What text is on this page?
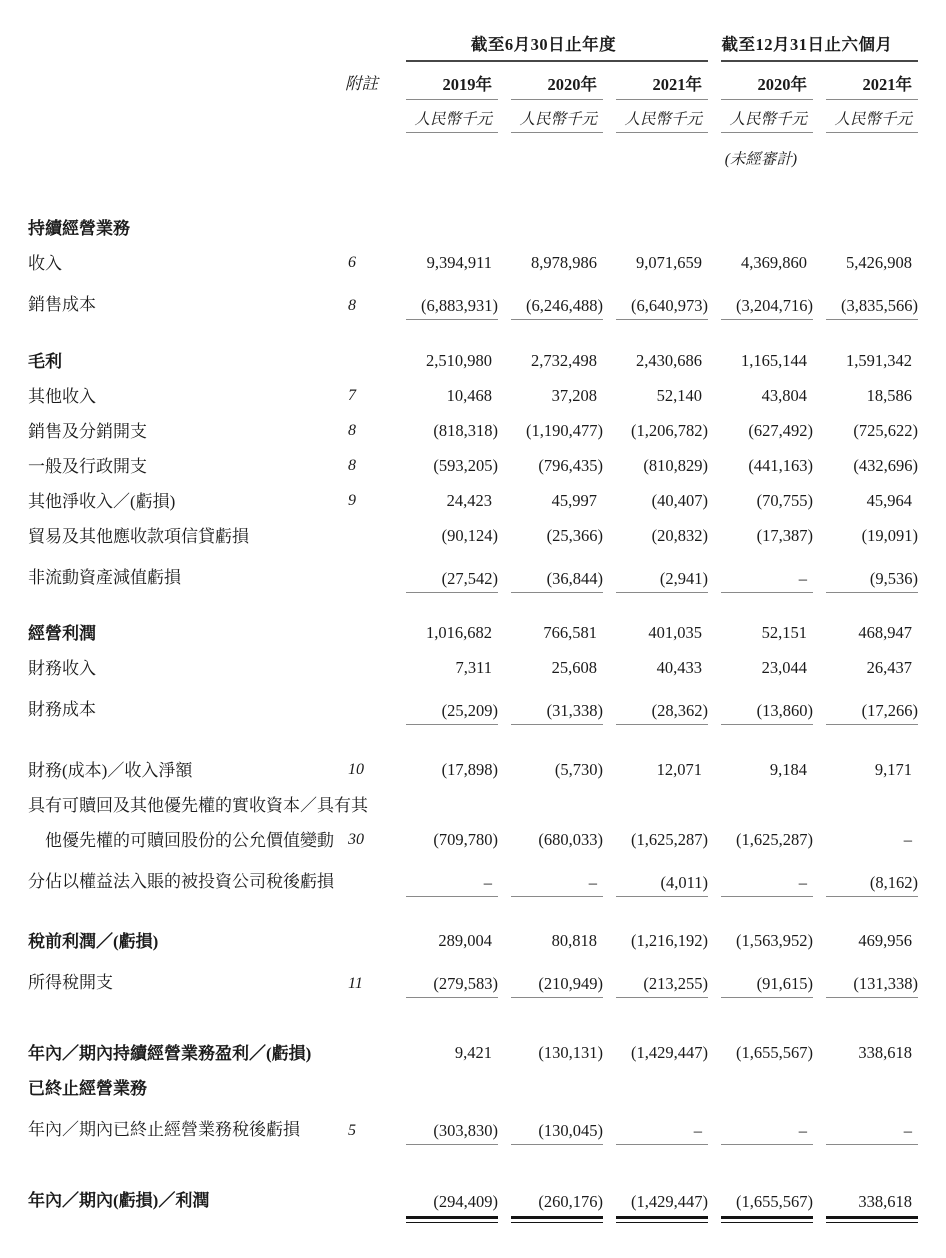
		截至6月30日止年度			截至12月31日止六個月	

	附註	2019年	2020年	2021年	2020年	2021年

		人民幣千元	人民幣千元	人民幣千元	人民幣千元	人民幣千元

					(未經審計)	

持續經營業務						
收入	6	9,394,911	8,978,986	9,071,659	4,369,860	5,426,908

銷售成本	8	(6,883,931)	(6,246,488)	(6,640,973)	(3,204,716)	(3,835,566)

毛利		2,510,980	2,732,498	2,430,686	1,165,144	1,591,342

其他收入	7	10,468	37,208	52,140	43,804	18,586

銷售及分銷開支	8	(818,318)	(1,190,477)	(1,206,782)	(627,492)	(725,622)

一般及行政開支	8	(593,205)	(796,435)	(810,829)	(441,163)	(432,696)

其他淨收入／(虧損)	9	24,423	45,997	(40,407)	(70,755)	45,964

貿易及其他應收款項信貸虧損		(90,124)	(25,366)	(20,832)	(17,387)	(19,091)

非流動資產減值虧損		(27,542)	(36,844)	(2,941)	–	(9,536)

經營利潤		1,016,682	766,581	401,035	52,151	468,947

財務收入		7,311	25,608	40,433	23,044	26,437

財務成本		(25,209)	(31,338)	(28,362)	(13,860)	(17,266)

財務(成本)／收入淨額	10	(17,898)	(5,730)	12,071	9,184	9,171

具有可贖回及其他優先權的實收資本／具有其						
他優先權的可贖回股份的公允價值變動	30	(709,780)	(680,033)	(1,625,287)	(1,625,287)	–

分佔以權益法入賬的被投資公司稅後虧損		–	–	(4,011)	–	(8,162)

稅前利潤／(虧損)		289,004	80,818	(1,216,192)	(1,563,952)	469,956

所得稅開支	11	(279,583)	(210,949)	(213,255)	(91,615)	(131,338)

年內／期內持續經營業務盈利／(虧損)		9,421	(130,131)	(1,429,447)	(1,655,567)	338,618

已終止經營業務						
年內／期內已終止經營業務稅後虧損	5	(303,830)	(130,045)	–	–	–

年內／期內(虧損)／利潤		(294,409)	(260,176)	(1,429,447)	(1,655,567)	338,618
